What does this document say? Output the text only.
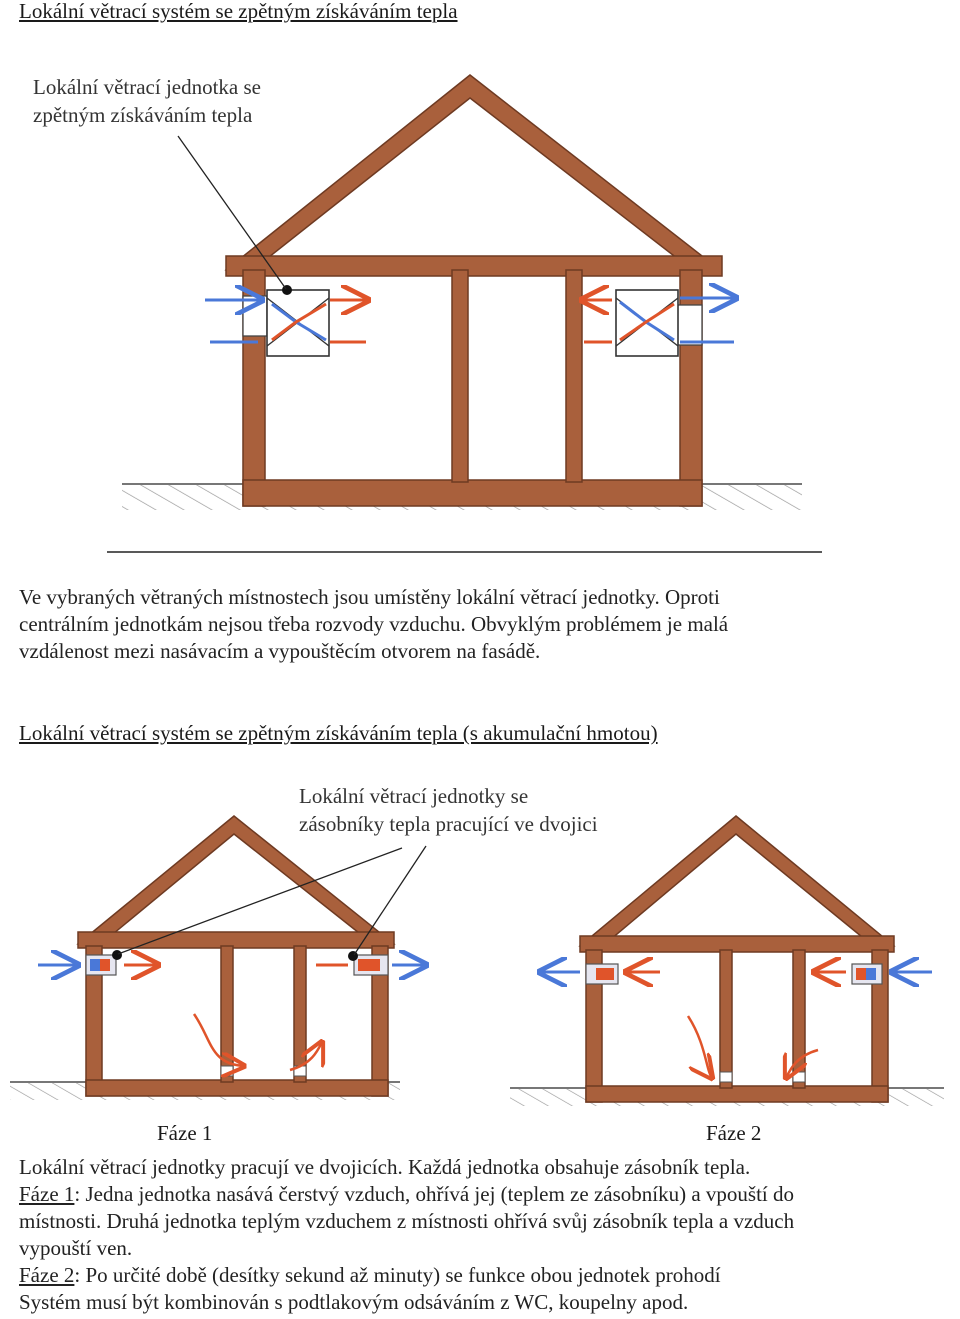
Lokální větrací systém se zpětným získáváním tepla
Lokální větrací jednotka se
zpětným získáváním tepla

Ve vybraných větraných místnostech jsou umístěny lokální větrací jednotky. Oproti

centrálním jednotkám nejsou třeba rozvody vzduchu. Obvyklým problémem je malá

vzdálenost mezi nasávacím a vypouštěcím otvorem na fasádě.

Lokální větrací systém se zpětným získáváním tepla (s akumulační hmotou)
Lokální větrací jednotky se
zásobníky tepla pracující ve dvojici
Fáze 1	Fáze 2

Lokální větrací jednotky pracují ve dvojicích. Každá jednotka obsahuje zásobník tepla.

Fáze 1: Jedna jednotka nasává čerstvý vzduch, ohřívá jej (teplem ze zásobníku) a vpouští do

místnosti. Druhá jednotka teplým vzduchem z místnosti ohřívá svůj zásobník tepla a vzduch

vypouští ven.

Fáze 2: Po určité době (desítky sekund až minuty) se funkce obou jednotek prohodí

Systém musí být kombinován s podtlakovým odsáváním z WC, koupelny apod.
